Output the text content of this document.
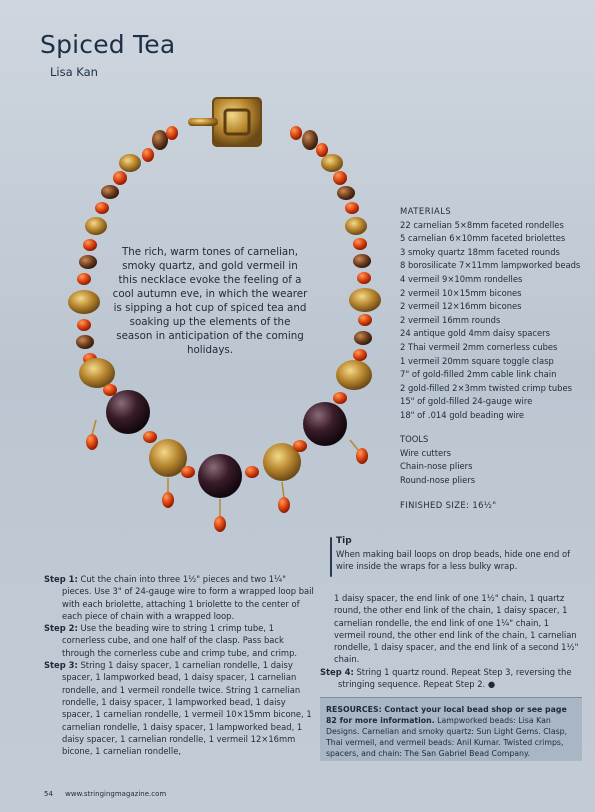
Spiced Tea
Lisa Kan
The rich, warm tones of carnelian, smoky quartz, and gold vermeil in this necklace evoke the feeling of a cool autumn eve, in which the wearer is sipping a hot cup of spiced tea and soaking up the elements of the season in anticipation of the coming holidays.
MATERIALS
22 carnelian 5×8mm faceted rondelles
5 carnelian 6×10mm faceted briolettes
3 smoky quartz 18mm faceted rounds
8 borosilicate 7×11mm lampworked beads
4 vermeil 9×10mm rondelles
2 vermeil 10×15mm bicones
2 vermeil 12×16mm bicones
2 vermeil 16mm rounds
24 antique gold 4mm daisy spacers
2 Thai vermeil 2mm cornerless cubes
1 vermeil 20mm square toggle clasp
7" of gold-filled 2mm cable link chain
2 gold-filled 2×3mm twisted crimp tubes
15" of gold-filled 24-gauge wire
18" of .014 gold beading wire
TOOLS
Wire cutters
Chain-nose pliers
Round-nose pliers
FINISHED SIZE: 16½"
Tip
When making bail loops on drop beads, hide one end of wire inside the wraps for a less bulky wrap.

Step 1: Cut the chain into three 1½" pieces and two 1¼" pieces. Use 3" of 24-gauge wire to form a wrapped loop bail with each briolette, attaching 1 briolette to the center of each piece of chain with a wrapped loop.

Step 2: Use the beading wire to string 1 crimp tube, 1 cornerless cube, and one half of the clasp. Pass back through the cornerless cube and crimp tube, and crimp.

Step 3: String 1 daisy spacer, 1 carnelian rondelle, 1 daisy spacer, 1 lampworked bead, 1 daisy spacer, 1 carnelian rondelle, and 1 vermeil rondelle twice. String 1 carnelian rondelle, 1 daisy spacer, 1 lampworked bead, 1 daisy spacer, 1 carnelian rondelle, 1 vermeil 10×15mm bicone, 1 carnelian rondelle, 1 daisy spacer, 1 lampworked bead, 1 daisy spacer, 1 carnelian rondelle, 1 vermeil 12×16mm bicone, 1 carnelian rondelle,

1 daisy spacer, the end link of one 1½" chain, 1 quartz round, the other end link of the chain, 1 daisy spacer, 1 carnelian rondelle, the end link of one 1¼" chain, 1 vermeil round, the other end link of the chain, 1 carnelian rondelle, 1 daisy spacer, and the end link of a second 1½" chain.

Step 4: String 1 quartz round. Repeat Step 3, reversing the stringing sequence. Repeat Step 2. ●

RESOURCES: Contact your local bead shop or see page 82 for more information. Lampworked beads: Lisa Kan Designs. Carnelian and smoky quartz: Sun Light Gems. Clasp, Thai vermeil, and vermeil beads: Anil Kumar. Twisted crimps, spacers, and chain: The San Gabriel Bead Company.
54 www.stringingmagazine.com
